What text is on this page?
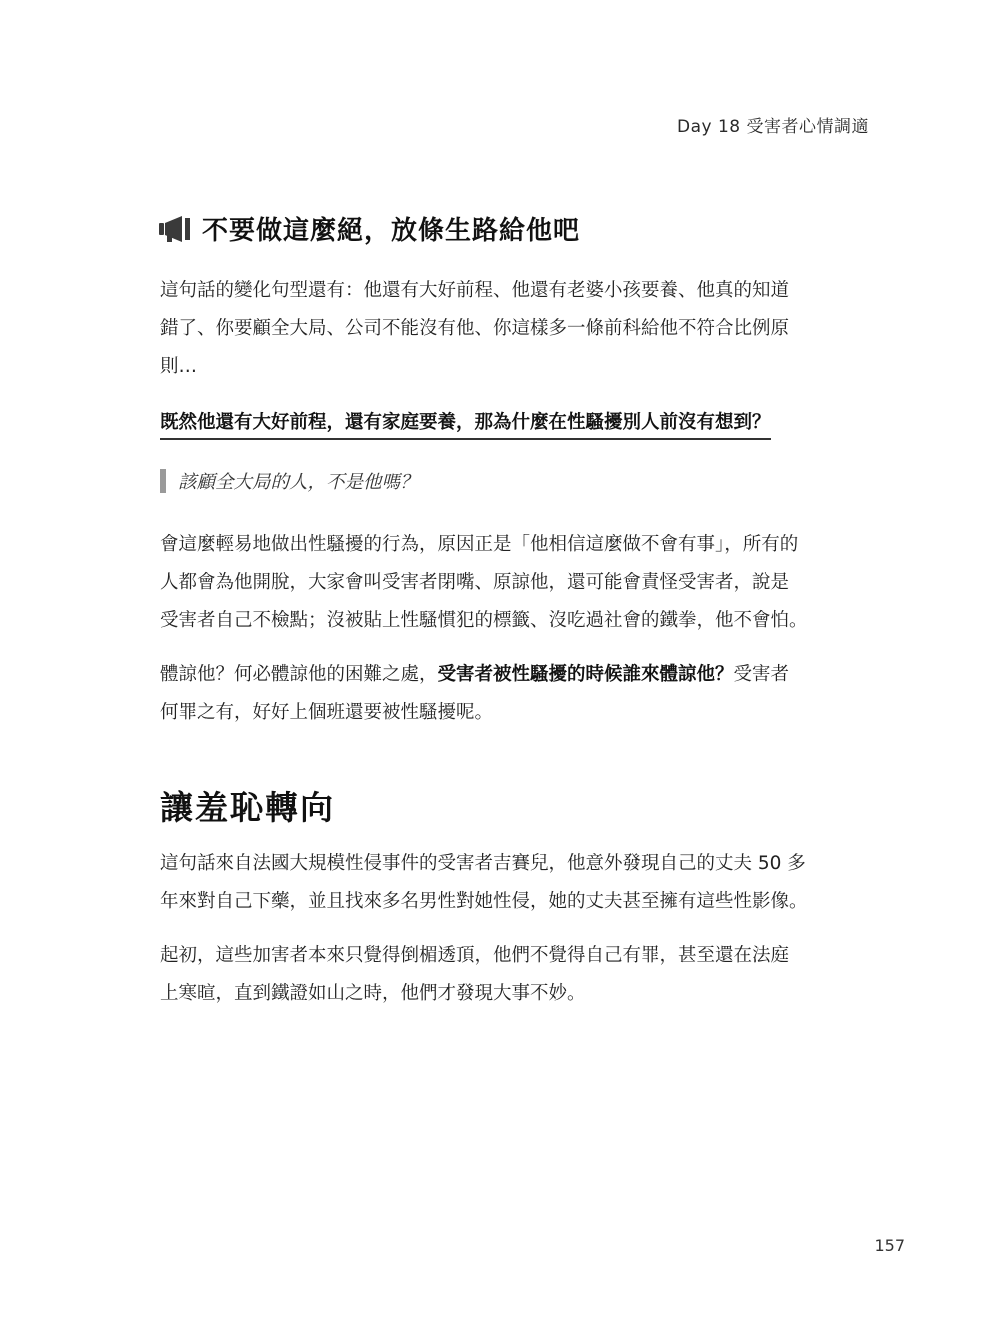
Day 18 受害者心情調適
不要做這麼絕，放條生路給他吧
這句話的變化句型還有：他還有大好前程、他還有老婆小孩要養、他真的知道
錯了、你要顧全大局、公司不能沒有他、你這樣多一條前科給他不符合比例原
則…
既然他還有大好前程，還有家庭要養，那為什麼在性騷擾別人前沒有想到？
該顧全大局的人，不是他嗎？
會這麼輕易地做出性騷擾的行為，原因正是「他相信這麼做不會有事」，所有的
人都會為他開脫，大家會叫受害者閉嘴、原諒他，還可能會責怪受害者，說是
受害者自己不檢點；沒被貼上性騷慣犯的標籤、沒吃過社會的鐵拳，他不會怕。
體諒他？何必體諒他的困難之處，受害者被性騷擾的時候誰來體諒他？受害者
何罪之有，好好上個班還要被性騷擾呢。
讓羞恥轉向
這句話來自法國大規模性侵事件的受害者吉賽兒，他意外發現自己的丈夫 50 多
年來對自己下藥，並且找來多名男性對她性侵，她的丈夫甚至擁有這些性影像。
起初，這些加害者本來只覺得倒楣透頂，他們不覺得自己有罪，甚至還在法庭
上寒暄，直到鐵證如山之時，他們才發現大事不妙。
157
